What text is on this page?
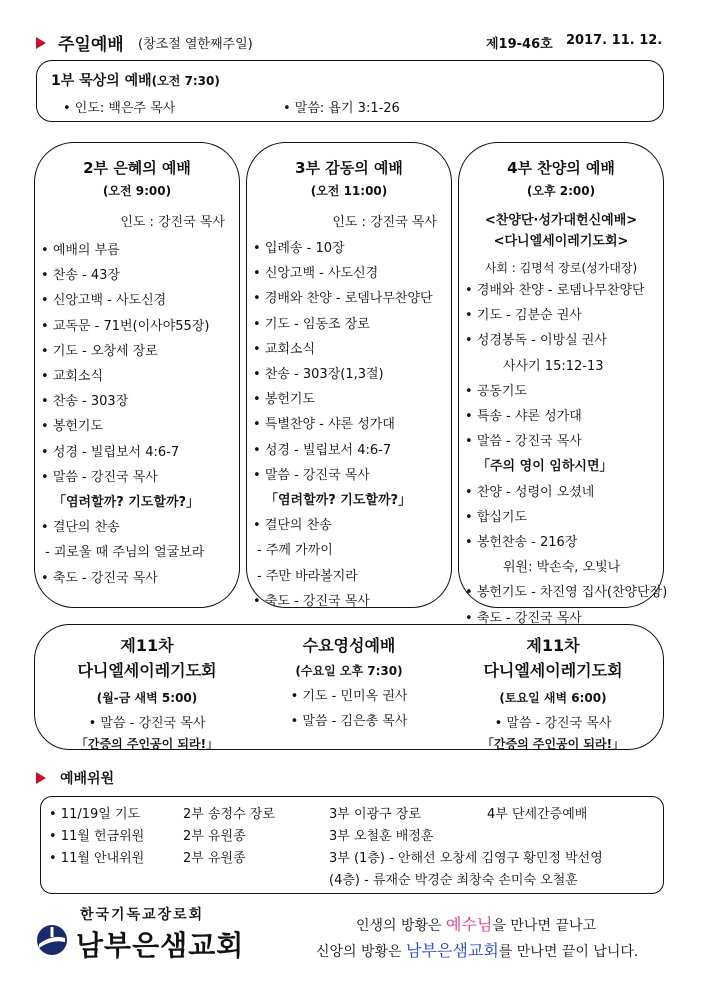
주일예배 (창조절 열한째주일)	제19-46호 2017. 11. 12.
1부 묵상의 예배(오전 7:30)
• 인도: 백은주 목사	• 말씀: 욥기 3:1-26
2부 은혜의 예배
(오전 9:00)
인도 : 강진국 목사
• 예배의 부름
• 찬송 - 43장
• 신앙고백 - 사도신경
• 교독문 - 71번(이사야55장)
• 기도 - 오창세 장로
• 교회소식
• 찬송 - 303장
• 봉헌기도
• 성경 - 빌립보서 4:6-7
• 말씀 - 강진국 목사
「염려할까? 기도할까?」
• 결단의 찬송
- 괴로울 때 주님의 얼굴보라
• 축도 - 강진국 목사
3부 감동의 예배
(오전 11:00)
인도 : 강진국 목사
• 입례송 - 10장
• 신앙고백 - 사도신경
• 경배와 찬양 - 로뎀나무찬양단
• 기도 - 임동조 장로
• 교회소식
• 찬송 - 303장(1,3절)
• 봉헌기도
• 특별찬양 - 샤론 성가대
• 성경 - 빌립보서 4:6-7
• 말씀 - 강진국 목사
「염려할까? 기도할까?」
• 결단의 찬송
- 주께 가까이
- 주만 바라볼지라
• 축도 - 강진국 목사
4부 찬양의 예배
(오후 2:00)
<찬양단·성가대헌신예배>
<다니엘세이레기도회>
사회 : 김명석 장로(성가대장)
• 경배와 찬양 - 로뎀나무찬양단
• 기도 - 김분순 권사
• 성경봉독 - 이방실 권사
사사기 15:12-13
• 공동기도
• 특송 - 샤론 성가대
• 말씀 - 강진국 목사
「주의 영이 임하시면」
• 찬양 - 성령이 오셨네
• 합십기도
• 봉헌찬송 - 216장
위원: 박손숙, 오빛나
• 봉헌기도 - 차진영 집사(찬양단장)
• 축도 - 강진국 목사
제11차
다니엘세이레기도회
(월-금 새벽 5:00)
• 말씀 - 강진국 목사
「간증의 주인공이 되라!」
수요영성예배
(수요일 오후 7:30)
• 기도 - 민미옥 권사
• 말씀 - 김은총 목사
제11차
다니엘세이레기도회
(토요일 새벽 6:00)
• 말씀 - 강진국 목사
「간증의 주인공이 되라!」
예배위원
• 11/19일 기도	2부 송정수 장로	3부 이광구 장로	4부 단세간증예배
• 11월 헌금위원	2부 유원종	3부 오철훈 배정훈
• 11월 안내위원	2부 유원종	3부 (1층) - 안해선 오창세 김영구 황민정 박선영
(4층) - 류재순 박경순 최창숙 손미숙 오철훈
한국기독교장로회
남부은샘교회
인생의 방황은 예수님을 만나면 끝나고
신앙의 방황은 남부은샘교회를 만나면 끝이 납니다.
